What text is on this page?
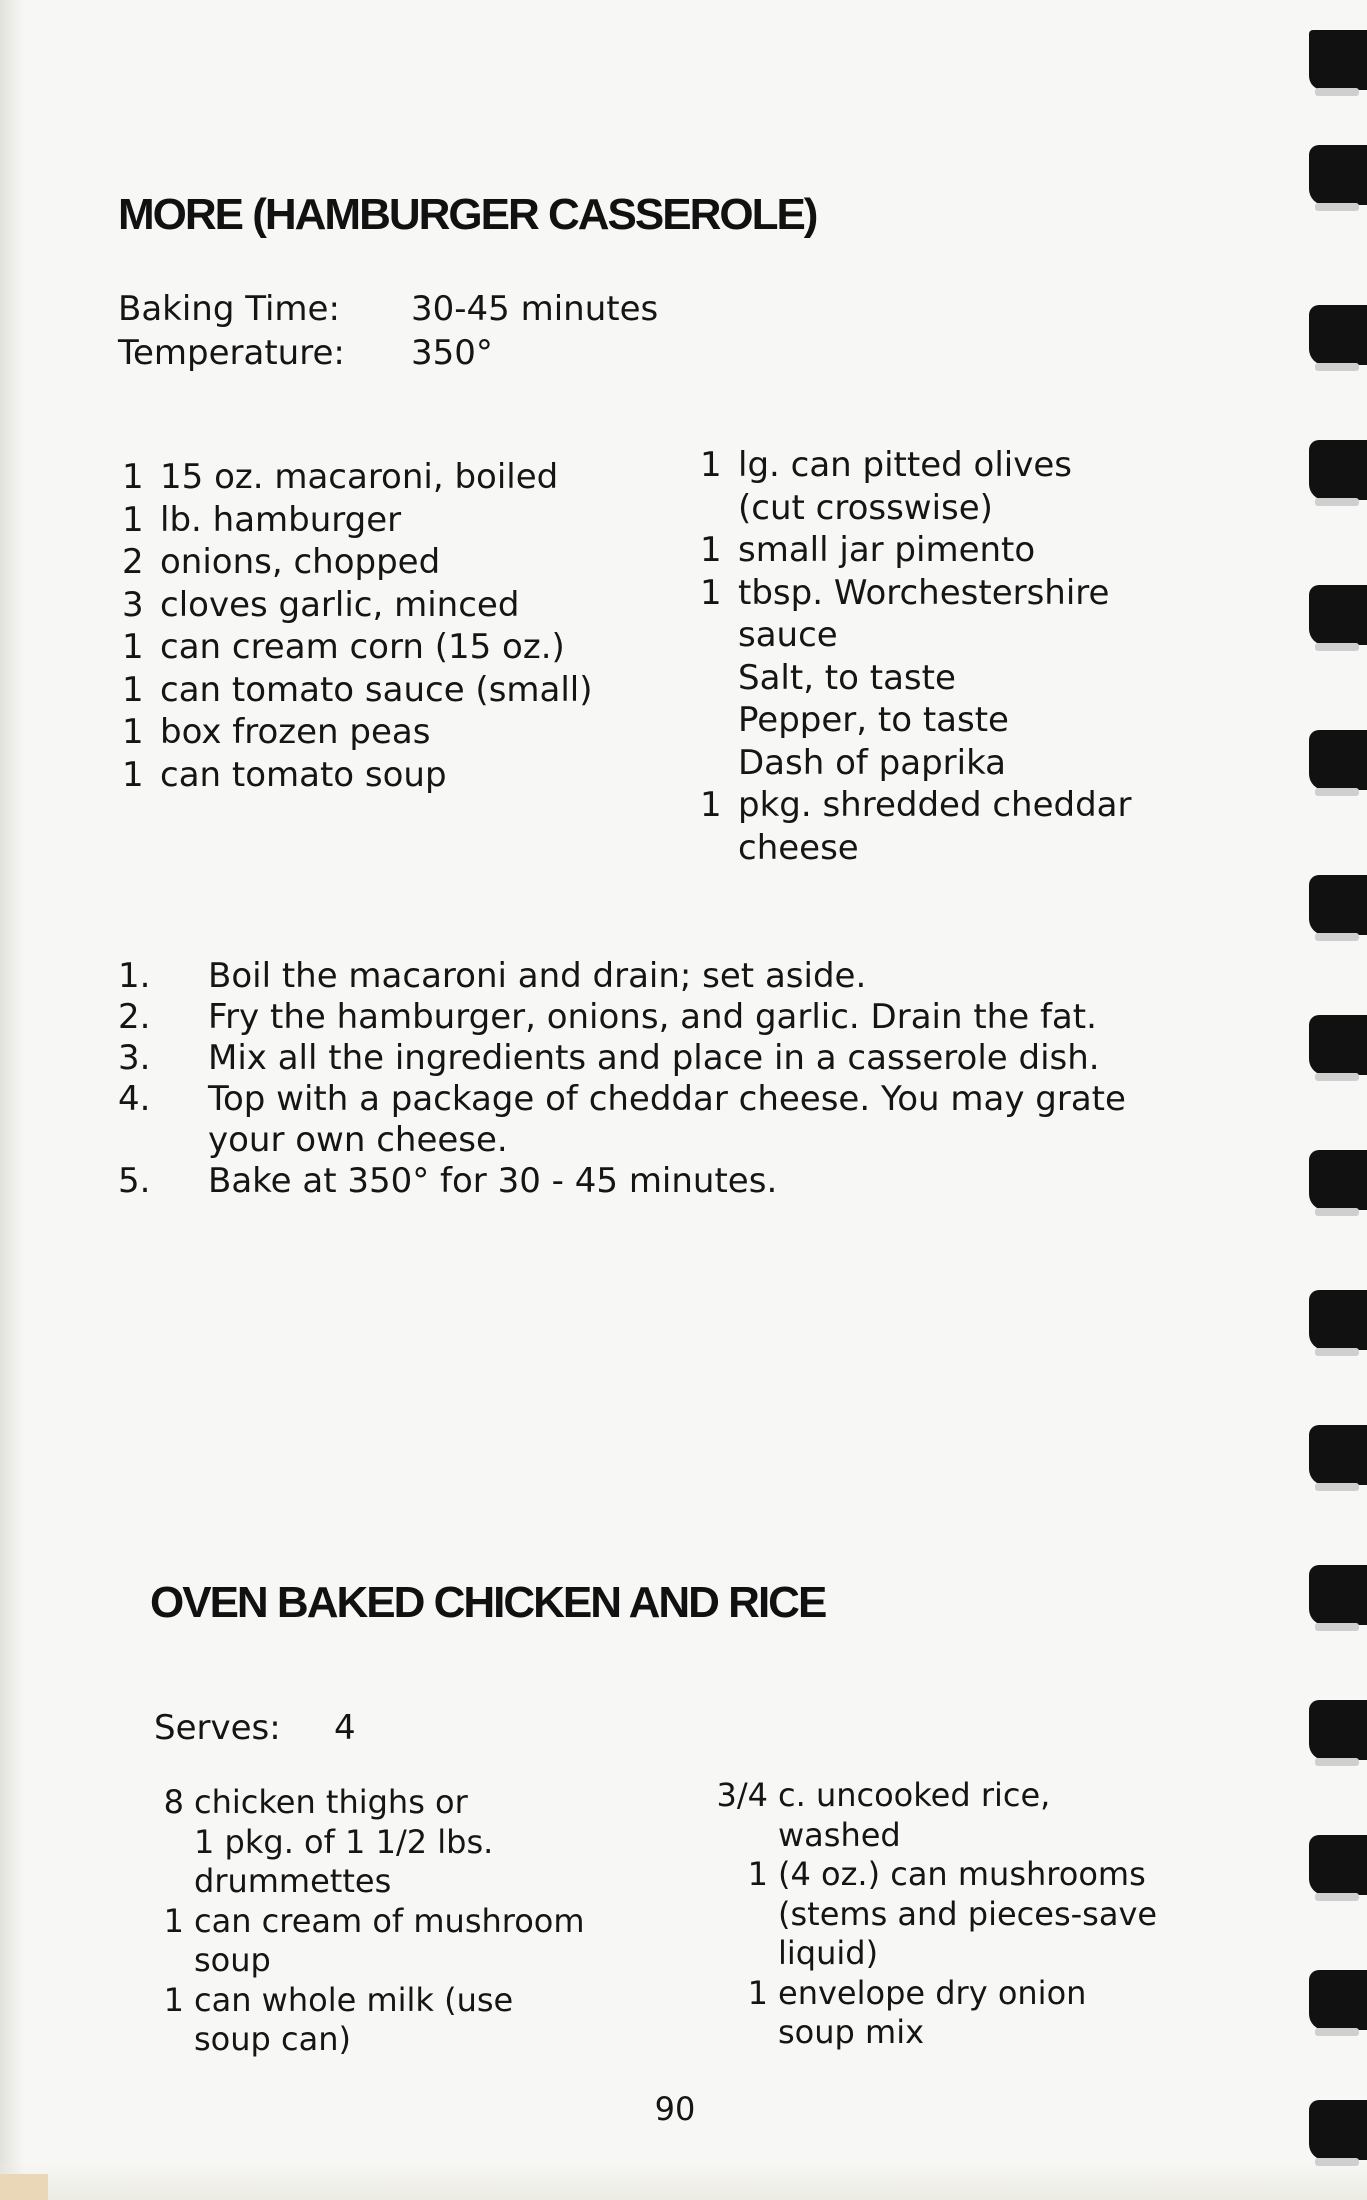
MORE (HAMBURGER CASSEROLE)
Baking Time:	30-45 minutes
Temperature:	350°
1 15 oz. macaroni, boiled
1 lb. hamburger
2 onions, chopped
3 cloves garlic, minced
1 can cream corn (15 oz.)
1 can tomato sauce (small)
1 box frozen peas
1 can tomato soup
1 lg. can pitted olives
(cut crosswise)
1 small jar pimento
1 tbsp. Worchestershire
sauce
Salt, to taste
Pepper, to taste
Dash of paprika
1 pkg. shredded cheddar
cheese
1.	Boil the macaroni and drain; set aside.
2.	Fry the hamburger, onions, and garlic. Drain the fat.
3.	Mix all the ingredients and place in a casserole dish.
4.	Top with a package of cheddar cheese. You may grate your own cheese.
5.	Bake at 350° for 30 - 45 minutes.
OVEN BAKED CHICKEN AND RICE
Serves:	4
8 chicken thighs or
1 pkg. of 1 1/2 lbs.
drummettes
1 can cream of mushroom
soup
1 can whole milk (use
soup can)
3/4 c. uncooked rice,
washed
1 (4 oz.) can mushrooms
(stems and pieces-save
liquid)
1 envelope dry onion
soup mix
90
